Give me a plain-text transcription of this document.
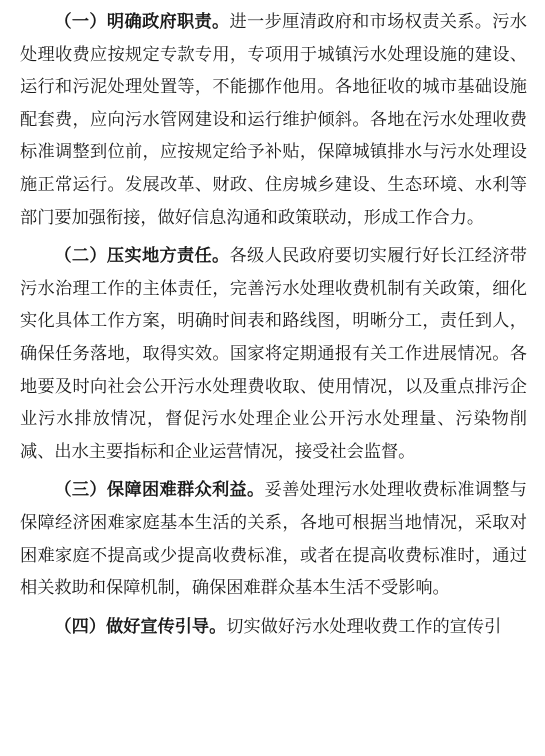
（一）明确政府职责。进一步厘清政府和市场权责关系。污水处理收费应按规定专款专用，专项用于城镇污水处理设施的建设、运行和污泥处理处置等，不能挪作他用。各地征收的城市基础设施配套费，应向污水管网建设和运行维护倾斜。各地在污水处理收费标准调整到位前，应按规定给予补贴，保障城镇排水与污水处理设施正常运行。发展改革、财政、住房城乡建设、生态环境、水利等部门要加强衔接，做好信息沟通和政策联动，形成工作合力。

（二）压实地方责任。各级人民政府要切实履行好长江经济带污水治理工作的主体责任，完善污水处理收费机制有关政策，细化实化具体工作方案，明确时间表和路线图，明晰分工，责任到人，确保任务落地，取得实效。国家将定期通报有关工作进展情况。各地要及时向社会公开污水处理费收取、使用情况，以及重点排污企业污水排放情况，督促污水处理企业公开污水处理量、污染物削减、出水主要指标和企业运营情况，接受社会监督。

（三）保障困难群众利益。妥善处理污水处理收费标准调整与保障经济困难家庭基本生活的关系，各地可根据当地情况，采取对困难家庭不提高或少提高收费标准，或者在提高收费标准时，通过相关救助和保障机制，确保困难群众基本生活不受影响。

（四）做好宣传引导。切实做好污水处理收费工作的宣传引
